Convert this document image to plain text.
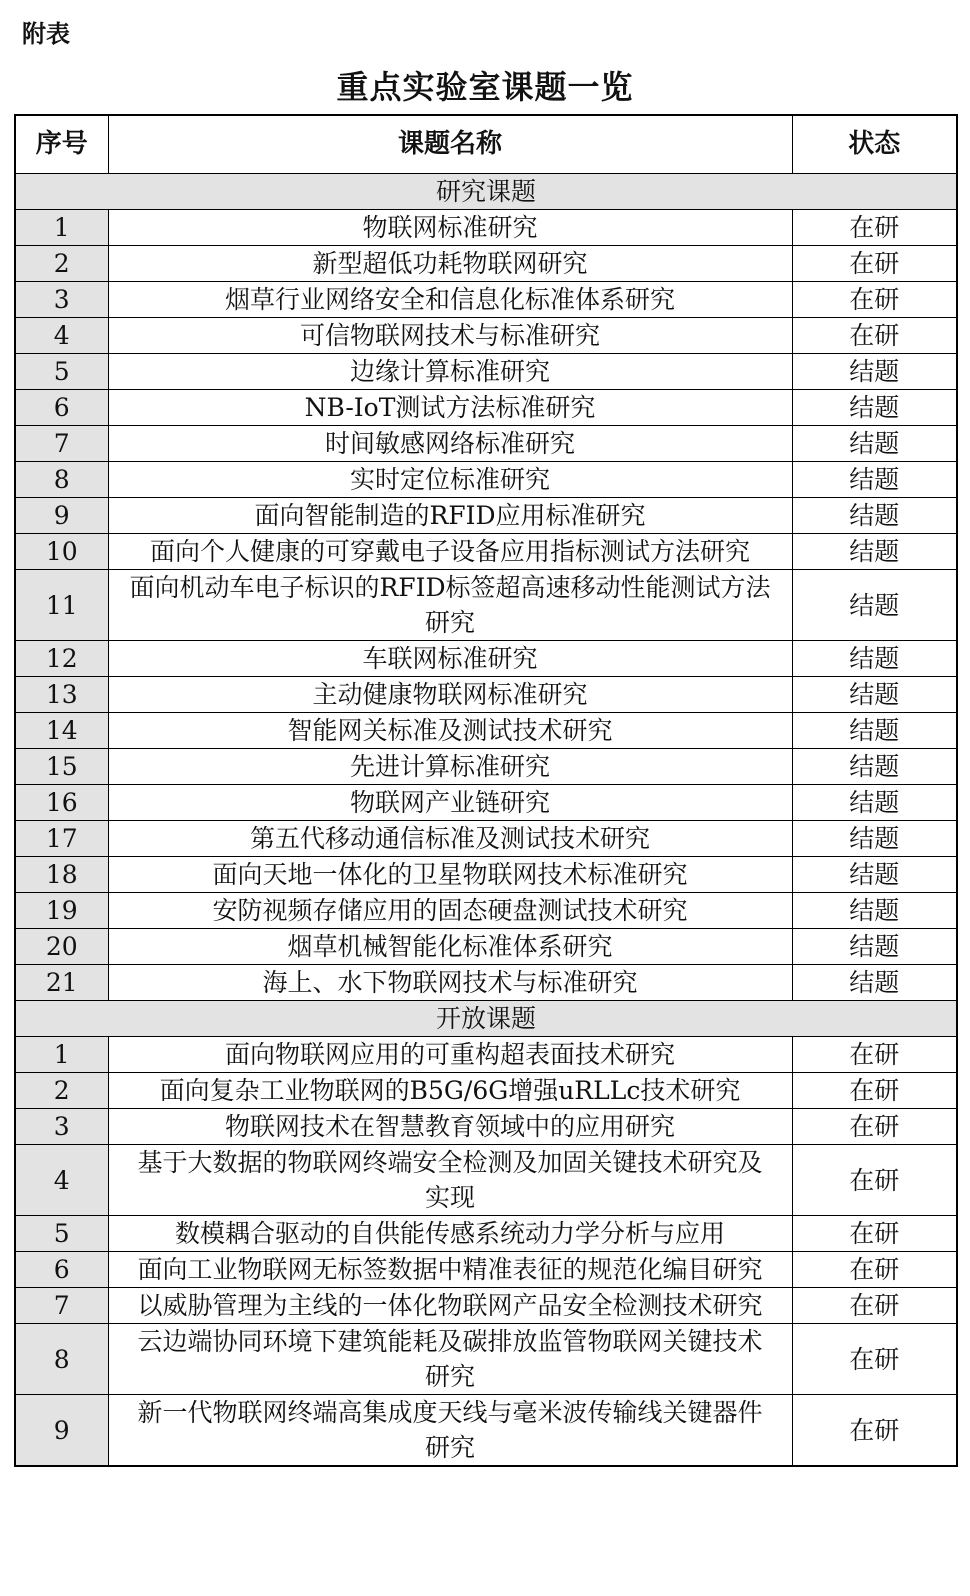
附表
重点实验室课题一览
序号	课题名称	状态
研究课题		
1	物联网标准研究	在研
2	新型超低功耗物联网研究	在研
3	烟草行业网络安全和信息化标准体系研究	在研
4	可信物联网技术与标准研究	在研
5	边缘计算标准研究	结题
6	NB-IoT测试方法标准研究	结题
7	时间敏感网络标准研究	结题
8	实时定位标准研究	结题
9	面向智能制造的RFID应用标准研究	结题
10	面向个人健康的可穿戴电子设备应用指标测试方法研究	结题
11	面向机动车电子标识的RFID标签超高速移动性能测试方法研究	结题
12	车联网标准研究	结题
13	主动健康物联网标准研究	结题
14	智能网关标准及测试技术研究	结题
15	先进计算标准研究	结题
16	物联网产业链研究	结题
17	第五代移动通信标准及测试技术研究	结题
18	面向天地一体化的卫星物联网技术标准研究	结题
19	安防视频存储应用的固态硬盘测试技术研究	结题
20	烟草机械智能化标准体系研究	结题
21	海上、水下物联网技术与标准研究	结题
开放课题		
1	面向物联网应用的可重构超表面技术研究	在研
2	面向复杂工业物联网的B5G/6G增强uRLLc技术研究	在研
3	物联网技术在智慧教育领域中的应用研究	在研
4	基于大数据的物联网终端安全检测及加固关键技术研究及实现	在研
5	数模耦合驱动的自供能传感系统动力学分析与应用	在研
6	面向工业物联网无标签数据中精准表征的规范化编目研究	在研
7	以威胁管理为主线的一体化物联网产品安全检测技术研究	在研
8	云边端协同环境下建筑能耗及碳排放监管物联网关键技术研究	在研
9	新一代物联网终端高集成度天线与毫米波传输线关键器件研究	在研
